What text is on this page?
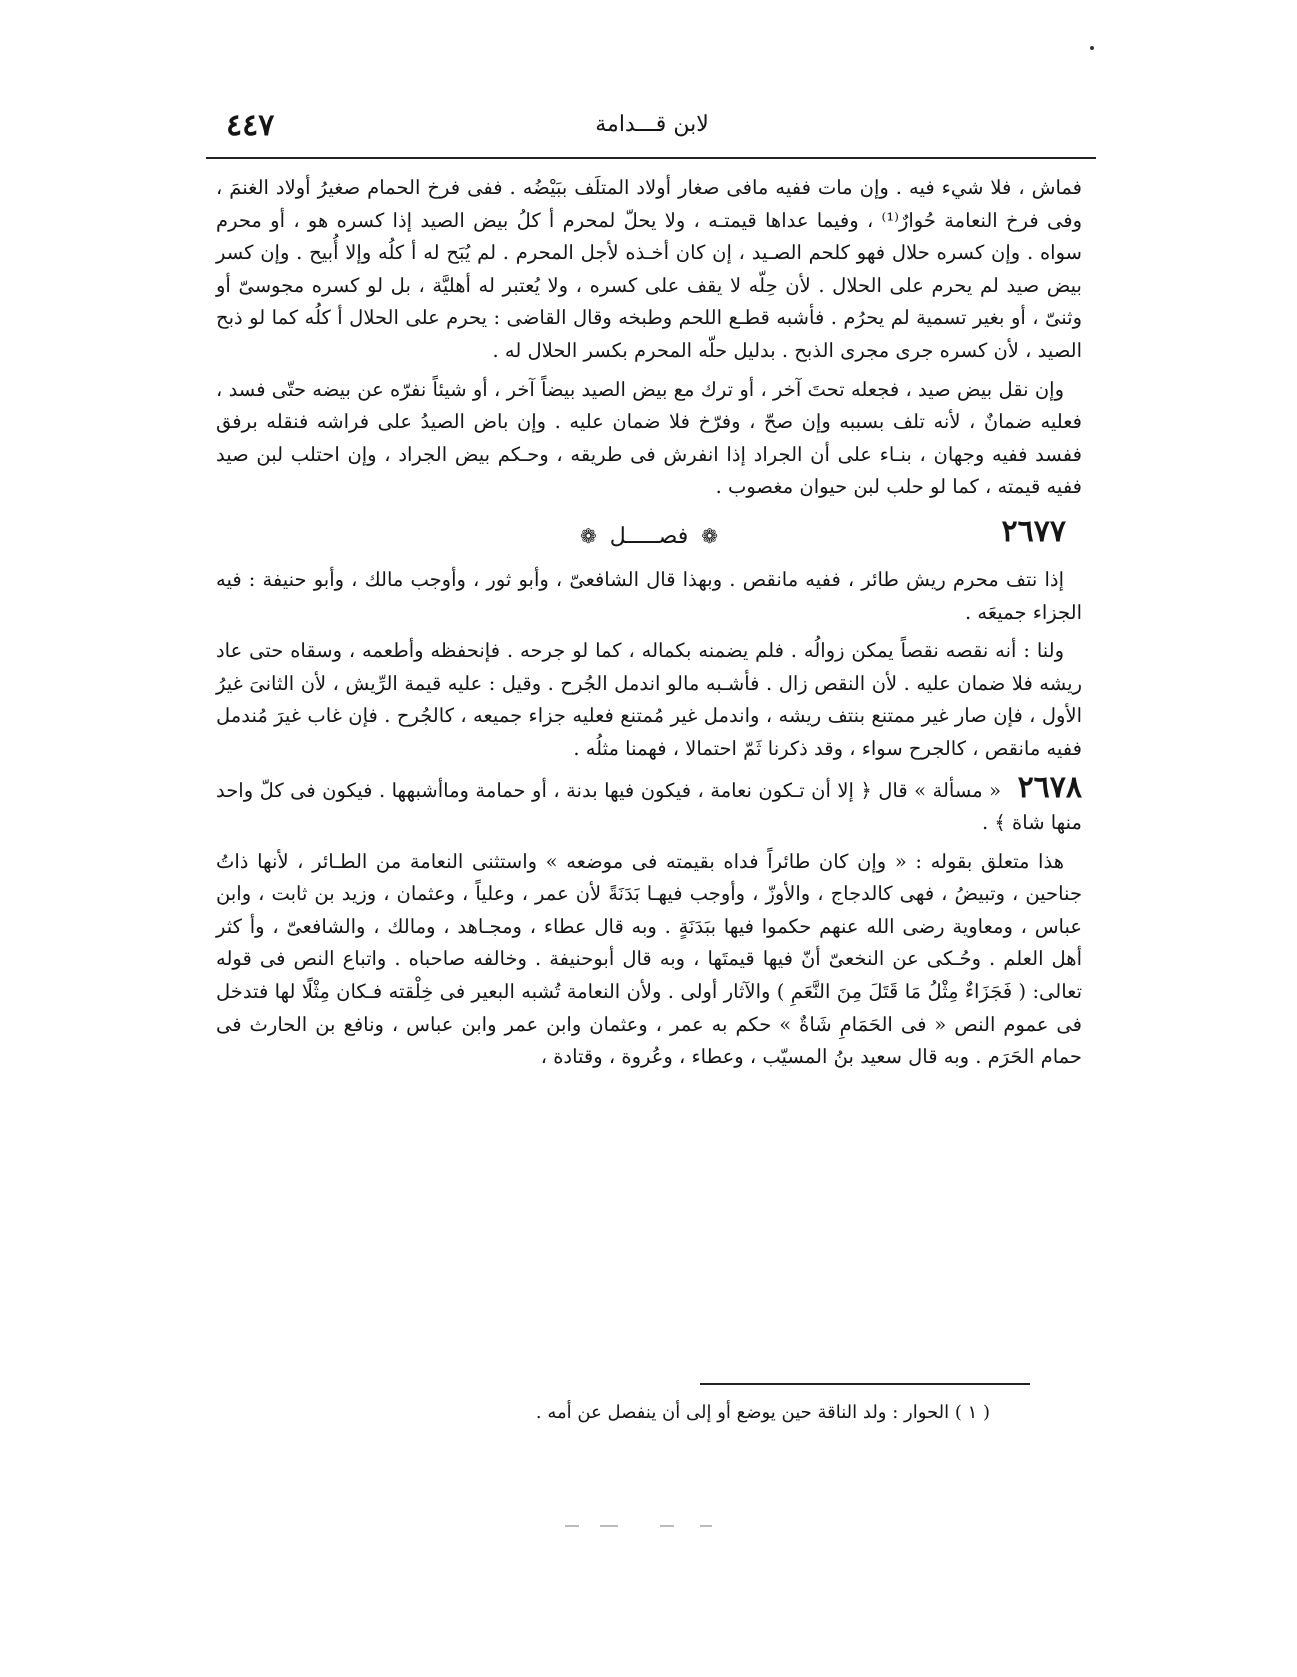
لابن قـــدامة
٤٤٧

فماش ، فلا شيء فيه . وإن مات ففيه مافى صغار أولاد المتلَف ببَيْضُه . ففى فرخ الحمام صغيرُ أولاد الغنمَ ، وفى فرخ النعامة حُوارٌ⁽¹⁾ ، وفيما عداها قيمتـه ، ولا يحلّ لمحرم أ كلُ بيض الصيد إذا كسره هو ، أو محرم سواه . وإن كسره حلال فهو كلحم الصـيد ، إن كان أخـذه لأجل المحرم . لم يُبَح له أ كلُه وإلا أُبيح . وإن كسر بيض صيد لم يحرم على الحلال . لأن حِلّه لا يقف على كسره ، ولا يُعتبر له أهليَّة ، بل لو كسره مجوسىّ أو وثنىّ ، أو بغير تسمية لم يحرُم . فأشبه قطـع اللحم وطبخه وقال القاضى : يحرم على الحلال أ كلُه كما لو ذبح الصيد ، لأن كسره جرى مجرى الذبح . بدليل حلّه المحرم بكسر الحلال له .

وإن نقل بيض صيد ، فجعله تحتَ آخر ، أو ترك مع بيض الصيد بيضاً آخر ، أو شيئاً نفرّه عن بيضه حتّى فسد ، فعليه ضمانٌ ، لأنه تلف بسببه وإن صحّ ، وفرّخ فلا ضمان عليه . وإن باض الصيدُ على فراشه فنقله برفق ففسد ففيه وجهان ، بنـاء على أن الجراد إذا انفرش فى طريقه ، وحـكم بيض الجراد ، وإن احتلب لبن صيد ففيه قيمته ، كما لو حلب لبن حيوان مغصوب .

٢٦٧٧
❁ فصـــــل ❁

إذا نتف محرم ريش طائر ، ففيه مانقص . وبهذا قال الشافعىّ ، وأبو ثور ، وأوجب مالك ، وأبو حنيفة : فيه الجزاء جميعَه .

ولنا : أنه نقصه نقصاً يمكن زوالُه . فلم يضمنه بكماله ، كما لو جرحه . فإنحفظه وأطعمه ، وسقاه حتى عاد ريشه فلا ضمان عليه . لأن النقص زال . فأشـبه مالو اندمل الجُرح . وقيل : عليه قيمة الرِّيش ، لأن الثانىَ غيرُ الأول ، فإن صار غير ممتنع بنتف ريشه ، واندمل غير مُمتنع فعليه جزاء جميعه ، كالجُرح . فإن غاب غيرَ مُندمل ففيه مانقص ، كالجرح سواء ، وقد ذكرنا ثَمّ احتمالا ، فهمنا مثلُه .

٢٦٧٨ « مسألة » قال ﴿ إلا أن تـكون نعامة ، فيكون فيها بدنة ، أو حمامة وماأشبهها . فيكون فى كلّ واحد منها شاة ﴾ .

هذا متعلق بقوله : « وإن كان طائراً فداه بقيمته فى موضعه » واستثنى النعامة من الطـائر ، لأنها ذاتُ جناحين ، وتبيضُ ، فهى كالدجاج ، والأوزّ ، وأوجب فيهـا بَدَنَةً لأن عمر ، وعلياً ، وعثمان ، وزيد بن ثابت ، وابن عباس ، ومعاوية رضى الله عنهم حكموا فيها ببَدَنَةٍ . وبه قال عطاء ، ومجـاهد ، ومالك ، والشافعىّ ، وأ كثر أهل العلم . وحُـكى عن النخعىّ أنّ فيها قيمتَها ، وبه قال أبوحنيفة . وخالفه صاحباه . واتباع النص فى قوله تعالى: ( فَجَزَاءٌ مِثْلُ مَا قَتَلَ مِنَ النَّعَمِ ) والآثار أولى . ولأن النعامة تُشبه البعير فى خِلْقته فـكان مِثْلًا لها فتدخل فى عموم النص « فى الحَمَامِ شَاةٌ » حكم به عمر ، وعثمان وابن عمر وابن عباس ، ونافع بن الحارث فى حمام الحَرَم . وبه قال سعيد بنُ المسيّب ، وعطاء ، وعُروة ، وقتادة ،

( ١ ) الحوار : ولد الناقة حين يوضع أو إلى أن ينفصل عن أمه .
